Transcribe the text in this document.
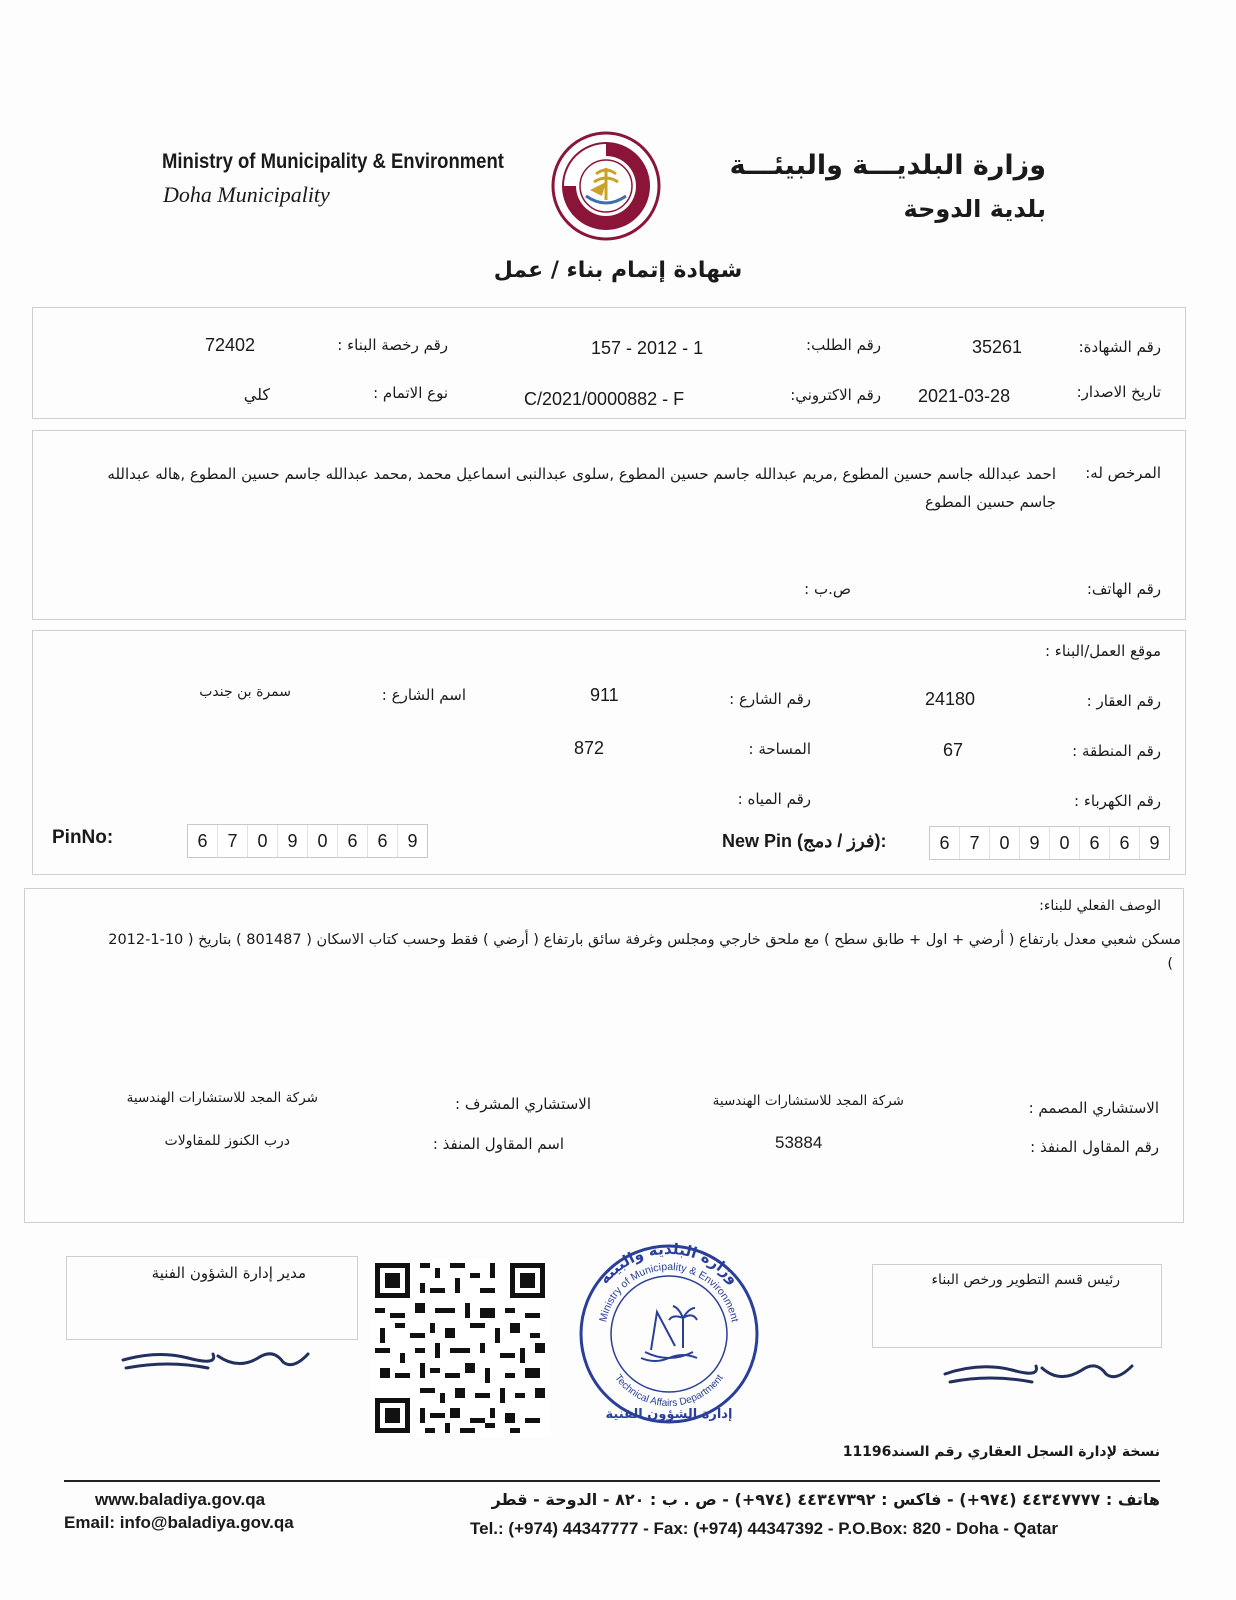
Ministry of Municipality & Environment
Doha Municipality
وزارة البلديـــة والبيئـــة
بلدية الدوحة
شهادة إتمام بناء / عمل
رقم الشهادة:
35261
رقم الطلب:
157 - 2012 - 1
رقم رخصة البناء :
72402
تاريخ الاصدار:
2021-03-28
رقم الاكتروني:
C/2021/0000882 - F
نوع الاتمام :
كلي
المرخص له:
احمد عبدالله جاسم حسين المطوع ,مريم عبدالله جاسم حسين المطوع ,سلوى عبدالنبى اسماعيل محمد ,محمد عبدالله جاسم حسين المطوع ,هاله عبدالله جاسم حسين المطوع
رقم الهاتف:
ص.ب :
موقع العمل/البناء :
رقم العقار :
24180
رقم الشارع :
911
اسم الشارع :
سمرة بن جندب
رقم المنطقة :
67
المساحة :
872
رقم الكهرباء :
رقم المياه :
PinNo:	6	7	0	9	0	6	6	9	New Pin (فرز / دمج):	6	7	0	9	0	6	6	9
الوصف الفعلي للبناء:
مسكن شعبي معدل بارتفاع ( أرضي + اول + طابق سطح ) مع ملحق خارجي ومجلس وغرفة سائق بارتفاع ( أرضي ) فقط وحسب كتاب الاسكان ( 801487 ) بتاريخ ( 10-1-2012
)
الاستشاري المصمم :
شركة المجد للاستشارات الهندسية
الاستشاري المشرف :
شركة المجد للاستشارات الهندسية
رقم المقاول المنفذ :
53884
اسم المقاول المنفذ :
درب الكنوز للمقاولات
مدير إدارة الشؤون الفنية	وزارة البلدية والبيئة
Ministry of Municipality & Environment
Technical Affairs Department
إدارة الشؤون الفنية
رئيس قسم التطوير ورخص البناء
نسخة لإدارة السجل العقاري رقم السند11196
www.baladiya.gov.qa
Email: info@baladiya.gov.qa
هاتف : ٤٤٣٤٧٧٧٧ (٩٧٤+) - فاكس : ٤٤٣٤٧٣٩٢ (٩٧٤+) - ص . ب : ٨٢٠ - الدوحة - قطر
Tel.: (+974) 44347777 - Fax: (+974) 44347392 - P.O.Box: 820 - Doha - Qatar
